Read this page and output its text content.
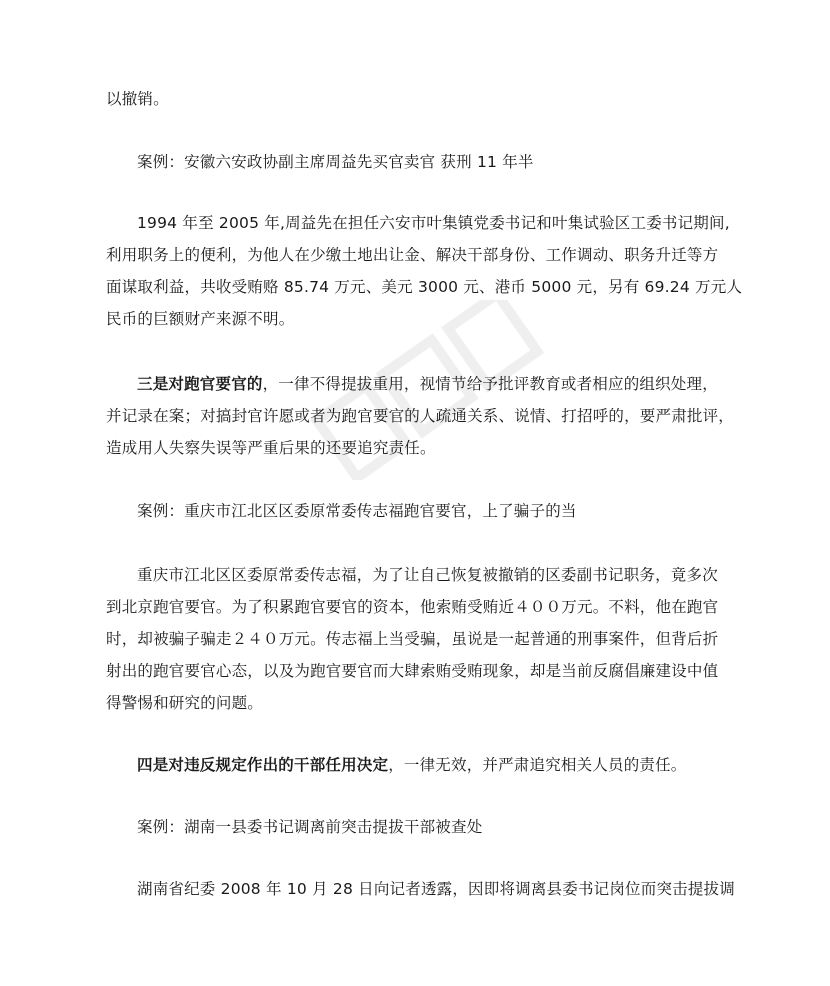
以撤销。
案例：安徽六安政协副主席周益先买官卖官 获刑 11 年半
1994 年至 2005 年,周益先在担任六安市叶集镇党委书记和叶集试验区工委书记期间,
利用职务上的便利，为他人在少缴土地出让金、解决干部身份、工作调动、职务升迁等方
面谋取利益，共收受贿赂 85.74 万元、美元 3000 元、港币 5000 元，另有 69.24 万元人
民币的巨额财产来源不明。
三是对跑官要官的，一律不得提拔重用，视情节给予批评教育或者相应的组织处理，
并记录在案；对搞封官许愿或者为跑官要官的人疏通关系、说情、打招呼的，要严肃批评，
造成用人失察失误等严重后果的还要追究责任。
案例：重庆市江北区区委原常委传志福跑官要官，上了骗子的当
重庆市江北区区委原常委传志福，为了让自己恢复被撤销的区委副书记职务，竟多次
到北京跑官要官。为了积累跑官要官的资本，他索贿受贿近４００万元。不料，他在跑官
时，却被骗子骗走２４０万元。传志福上当受骗，虽说是一起普通的刑事案件，但背后折
射出的跑官要官心态，以及为跑官要官而大肆索贿受贿现象，却是当前反腐倡廉建设中值
得警惕和研究的问题。
四是对违反规定作出的干部任用决定，一律无效，并严肃追究相关人员的责任。
案例：湖南一县委书记调离前突击提拔干部被查处
湖南省纪委 2008 年 10 月 28 日向记者透露，因即将调离县委书记岗位而突击提拔调
